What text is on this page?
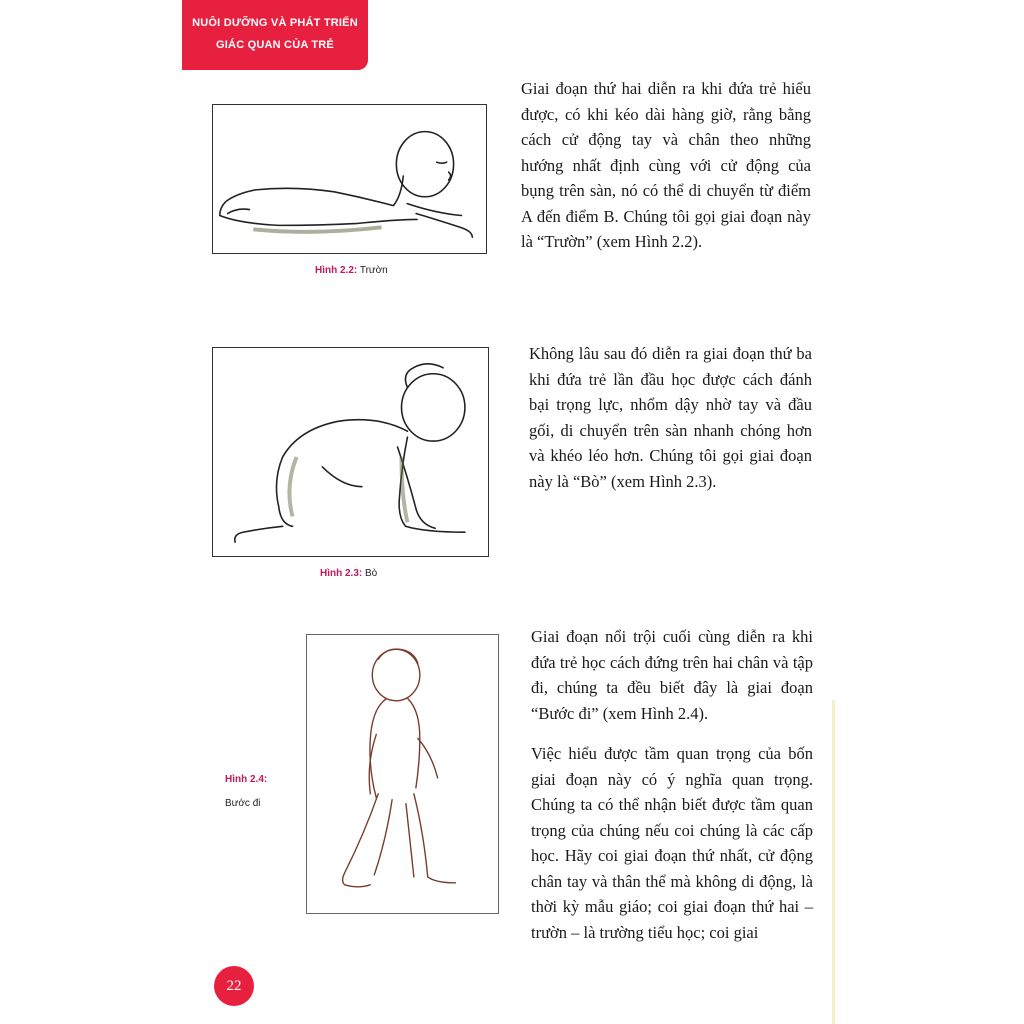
NUÔI DƯỠNG VÀ PHÁT TRIỂN
GIÁC QUAN CỦA TRẺ
Hình 2.2: Trườn

Giai đoạn thứ hai diễn ra khi đứa trẻ hiểu được, có khi kéo dài hàng giờ, rằng bằng cách cử động tay và chân theo những hướng nhất định cùng với cử động của bụng trên sàn, nó có thể di chuyển từ điểm A đến điểm B. Chúng tôi gọi giai đoạn này là “Trườn” (xem Hình 2.2).

Hình 2.3: Bò

Không lâu sau đó diễn ra giai đoạn thứ ba khi đứa trẻ lần đầu học được cách đánh bại trọng lực, nhổm dậy nhờ tay và đầu gối, di chuyển trên sàn nhanh chóng hơn và khéo léo hơn. Chúng tôi gọi giai đoạn này là “Bò” (xem Hình 2.3).

Hình 2.4:
Bước đi

Giai đoạn nổi trội cuối cùng diễn ra khi đứa trẻ học cách đứng trên hai chân và tập đi, chúng ta đều biết đây là giai đoạn “Bước đi” (xem Hình 2.4).

Việc hiểu được tầm quan trọng của bốn giai đoạn này có ý nghĩa quan trọng. Chúng ta có thể nhận biết được tầm quan trọng của chúng nếu coi chúng là các cấp học. Hãy coi giai đoạn thứ nhất, cử động chân tay và thân thể mà không di động, là thời kỳ mẫu giáo; coi giai đoạn thứ hai – trườn – là trường tiểu học; coi giai

22
